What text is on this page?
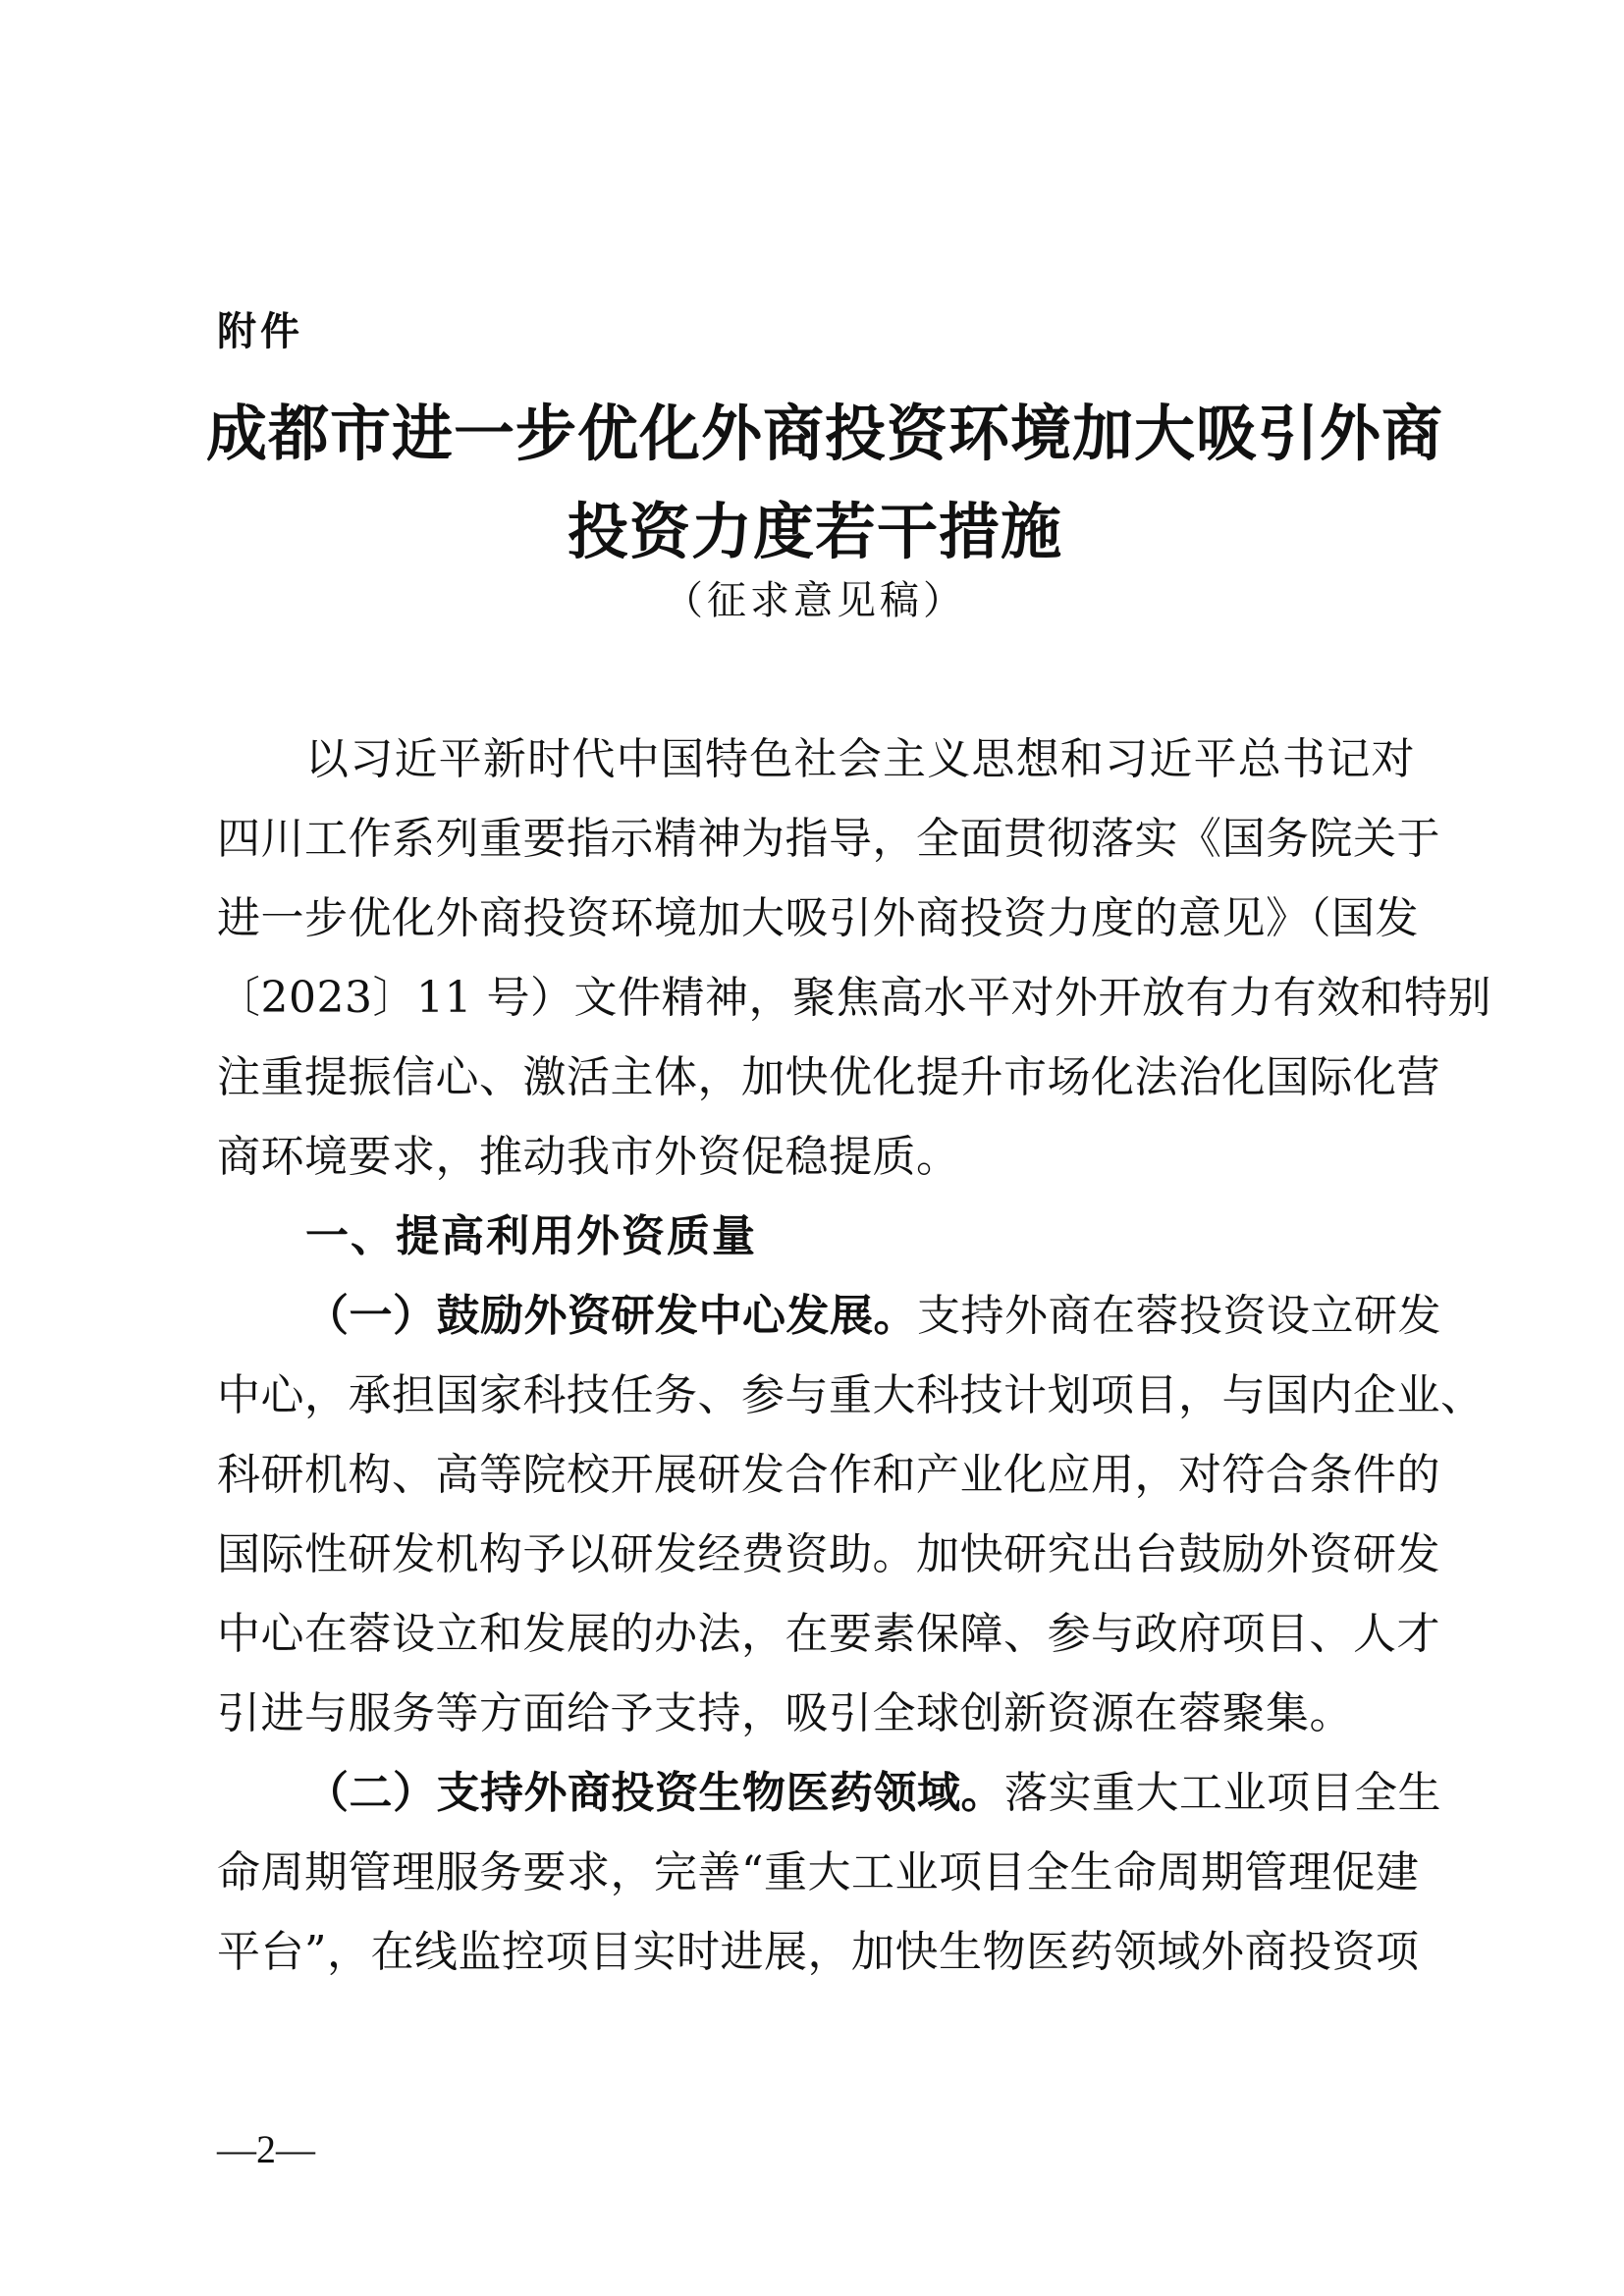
附件
成都市进一步优化外商投资环境加大吸引外商
投资力度若干措施
（征求意见稿）
以习近平新时代中国特色社会主义思想和习近平总书记对
四川工作系列重要指示精神为指导，全面贯彻落实《国务院关于
进一步优化外商投资环境加大吸引外商投资力度的意见》（国发
〔2023〕11 号）文件精神，聚焦高水平对外开放有力有效和特别
注重提振信心、激活主体，加快优化提升市场化法治化国际化营
商环境要求，推动我市外资促稳提质。
一、提高利用外资质量
（一）鼓励外资研发中心发展。支持外商在蓉投资设立研发
中心，承担国家科技任务、参与重大科技计划项目，与国内企业、
科研机构、高等院校开展研发合作和产业化应用，对符合条件的
国际性研发机构予以研发经费资助。加快研究出台鼓励外资研发
中心在蓉设立和发展的办法，在要素保障、参与政府项目、人才
引进与服务等方面给予支持，吸引全球创新资源在蓉聚集。
（二）支持外商投资生物医药领域。落实重大工业项目全生
命周期管理服务要求，完善“重大工业项目全生命周期管理促建
平台”，在线监控项目实时进展，加快生物医药领域外商投资项
—2—
